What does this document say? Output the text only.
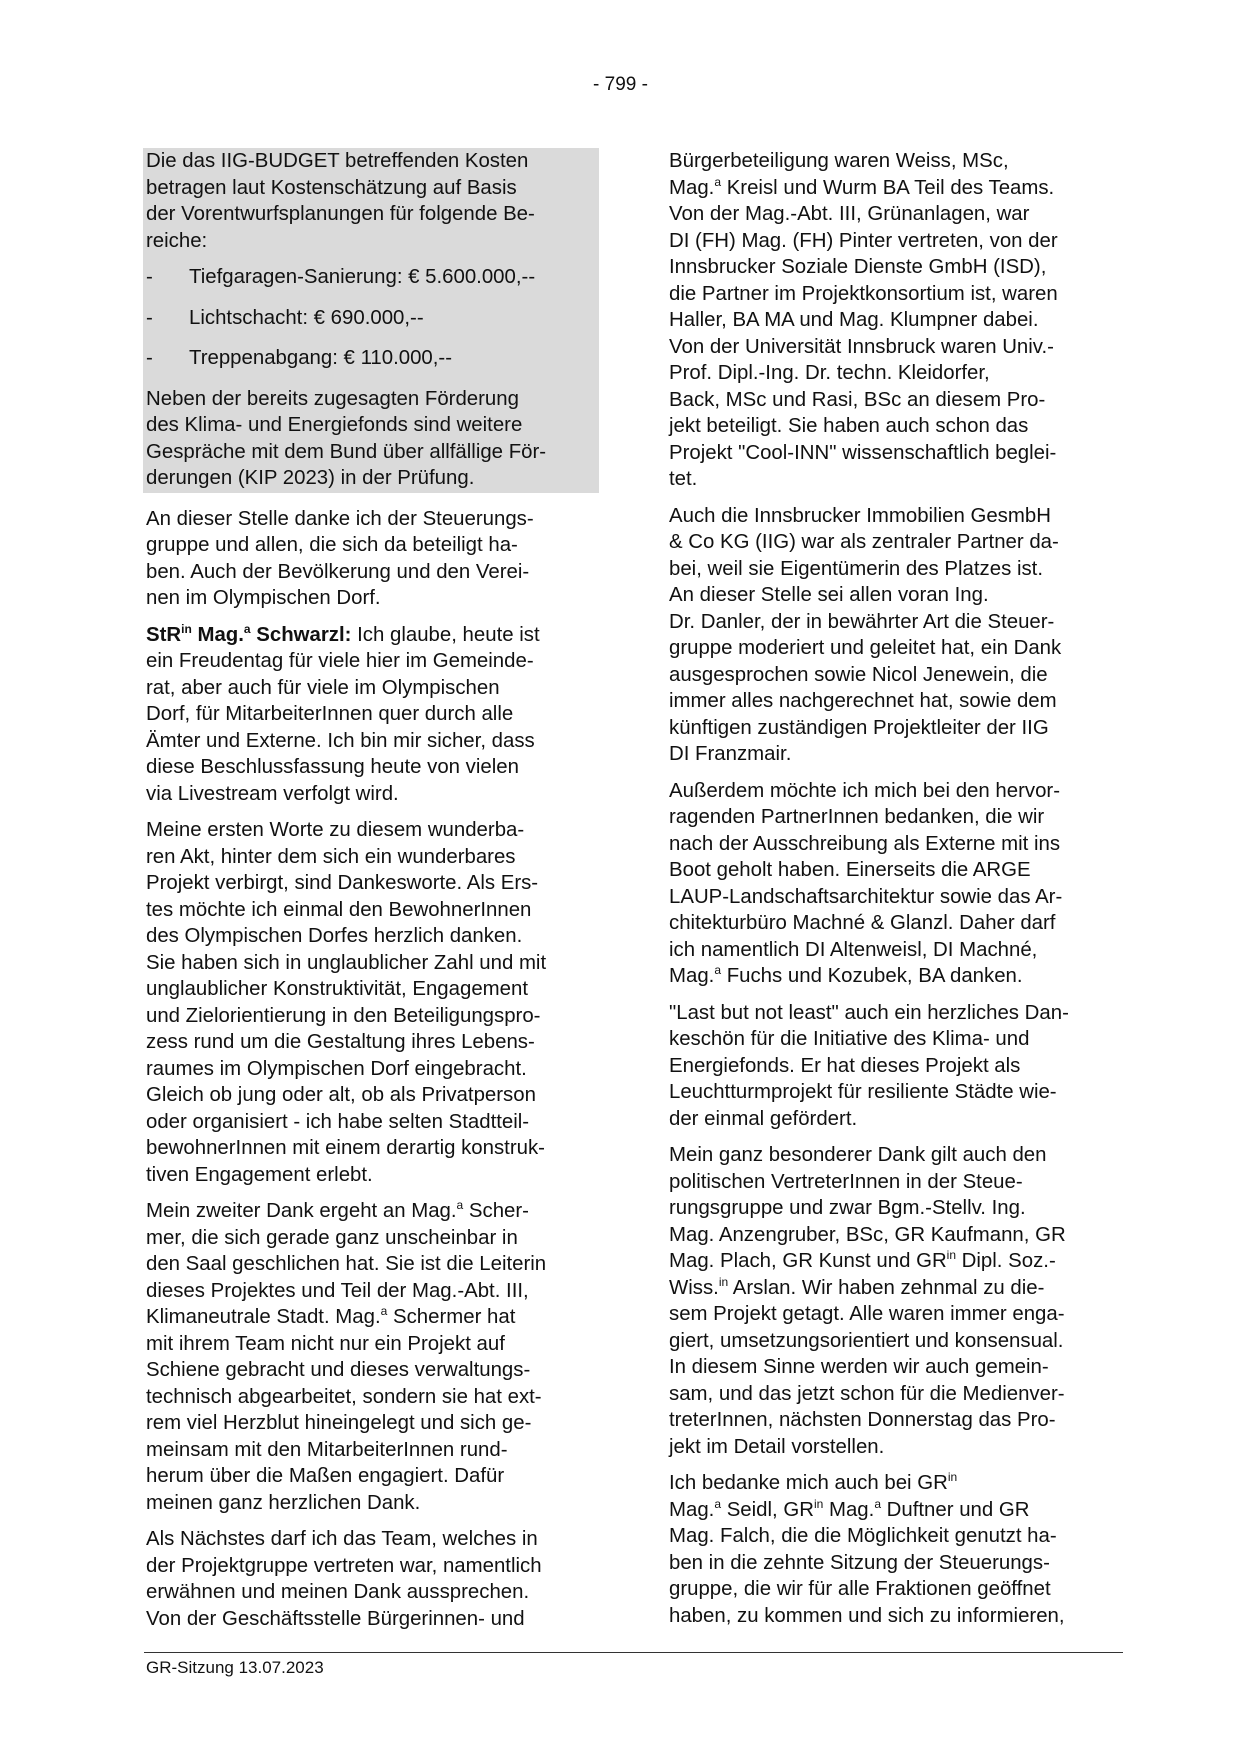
- 799 -

Die das IIG-BUDGET betreffenden Kosten
betragen laut Kostenschätzung auf Basis
der Vorentwurfsplanungen für folgende Be-
reiche:

-	Tiefgaragen-Sanierung: € 5.600.000,--
-	Lichtschacht: € 690.000,--
-	Treppenabgang: € 110.000,--

Neben der bereits zugesagten Förderung
des Klima- und Energiefonds sind weitere
Gespräche mit dem Bund über allfällige För-
derungen (KIP 2023) in der Prüfung.

An dieser Stelle danke ich der Steuerungs-
gruppe und allen, die sich da beteiligt ha-
ben. Auch der Bevölkerung und den Verei-
nen im Olympischen Dorf.

StR$^{in}$ Mag.$^a$ Schwarzl: Ich glaube, heute ist
ein Freudentag für viele hier im Gemeinde-
rat, aber auch für viele im Olympischen
Dorf, für MitarbeiterInnen quer durch alle
Ämter und Externe. Ich bin mir sicher, dass
diese Beschlussfassung heute von vielen
via Livestream verfolgt wird.

Meine ersten Worte zu diesem wunderba-
ren Akt, hinter dem sich ein wunderbares
Projekt verbirgt, sind Dankesworte. Als Ers-
tes möchte ich einmal den BewohnerInnen
des Olympischen Dorfes herzlich danken.
Sie haben sich in unglaublicher Zahl und mit
unglaublicher Konstruktivität, Engagement
und Zielorientierung in den Beteiligungspro-
zess rund um die Gestaltung ihres Lebens-
raumes im Olympischen Dorf eingebracht.
Gleich ob jung oder alt, ob als Privatperson
oder organisiert - ich habe selten Stadtteil-
bewohnerInnen mit einem derartig konstruk-
tiven Engagement erlebt.

Mein zweiter Dank ergeht an Mag.$^a$ Scher-
mer, die sich gerade ganz unscheinbar in
den Saal geschlichen hat. Sie ist die Leiterin
dieses Projektes und Teil der Mag.-Abt. III,
Klimaneutrale Stadt. Mag.$^a$ Schermer hat
mit ihrem Team nicht nur ein Projekt auf
Schiene gebracht und dieses verwaltungs-
technisch abgearbeitet, sondern sie hat ext-
rem viel Herzblut hineingelegt und sich ge-
meinsam mit den MitarbeiterInnen rund-
herum über die Maßen engagiert. Dafür
meinen ganz herzlichen Dank.

Als Nächstes darf ich das Team, welches in
der Projektgruppe vertreten war, namentlich
erwähnen und meinen Dank aussprechen.
Von der Geschäftsstelle Bürgerinnen- und

Bürgerbeteiligung waren Weiss, MSc,
Mag.$^a$ Kreisl und Wurm BA Teil des Teams.
Von der Mag.-Abt. III, Grünanlagen, war
DI (FH) Mag. (FH) Pinter vertreten, von der
Innsbrucker Soziale Dienste GmbH (ISD),
die Partner im Projektkonsortium ist, waren
Haller, BA MA und Mag. Klumpner dabei.
Von der Universität Innsbruck waren Univ.-
Prof. Dipl.-Ing. Dr. techn. Kleidorfer,
Back, MSc und Rasi, BSc an diesem Pro-
jekt beteiligt. Sie haben auch schon das
Projekt "Cool-INN" wissenschaftlich beglei-
tet.

Auch die Innsbrucker Immobilien GesmbH
& Co KG (IIG) war als zentraler Partner da-
bei, weil sie Eigentümerin des Platzes ist.
An dieser Stelle sei allen voran Ing.
Dr. Danler, der in bewährter Art die Steuer-
gruppe moderiert und geleitet hat, ein Dank
ausgesprochen sowie Nicol Jenewein, die
immer alles nachgerechnet hat, sowie dem
künftigen zuständigen Projektleiter der IIG
DI Franzmair.

Außerdem möchte ich mich bei den hervor-
ragenden PartnerInnen bedanken, die wir
nach der Ausschreibung als Externe mit ins
Boot geholt haben. Einerseits die ARGE
LAUP-Landschaftsarchitektur sowie das Ar-
chitekturbüro Machné & Glanzl. Daher darf
ich namentlich DI Altenweisl, DI Machné,
Mag.$^a$ Fuchs und Kozubek, BA danken.

"Last but not least" auch ein herzliches Dan-
keschön für die Initiative des Klima- und
Energiefonds. Er hat dieses Projekt als
Leuchtturmprojekt für resiliente Städte wie-
der einmal gefördert.

Mein ganz besonderer Dank gilt auch den
politischen VertreterInnen in der Steue-
rungsgruppe und zwar Bgm.-Stellv. Ing.
Mag. Anzengruber, BSc, GR Kaufmann, GR
Mag. Plach, GR Kunst und $GR^{in}$ Dipl. Soz.-
Wiss.$^{in}$ Arslan. Wir haben zehnmal zu die-
sem Projekt getagt. Alle waren immer enga-
giert, umsetzungsorientiert und konsensual.
In diesem Sinne werden wir auch gemein-
sam, und das jetzt schon für die Medienver-
treterInnen, nächsten Donnerstag das Pro-
jekt im Detail vorstellen.

Ich bedanke mich auch bei $GR^{in}$
Mag.$^a$ Seidl, $GR^{in}$ Mag.$^a$ Duftner und GR
Mag. Falch, die die Möglichkeit genutzt ha-
ben in die zehnte Sitzung der Steuerungs-
gruppe, die wir für alle Fraktionen geöffnet
haben, zu kommen und sich zu informieren,

GR-Sitzung 13.07.2023
